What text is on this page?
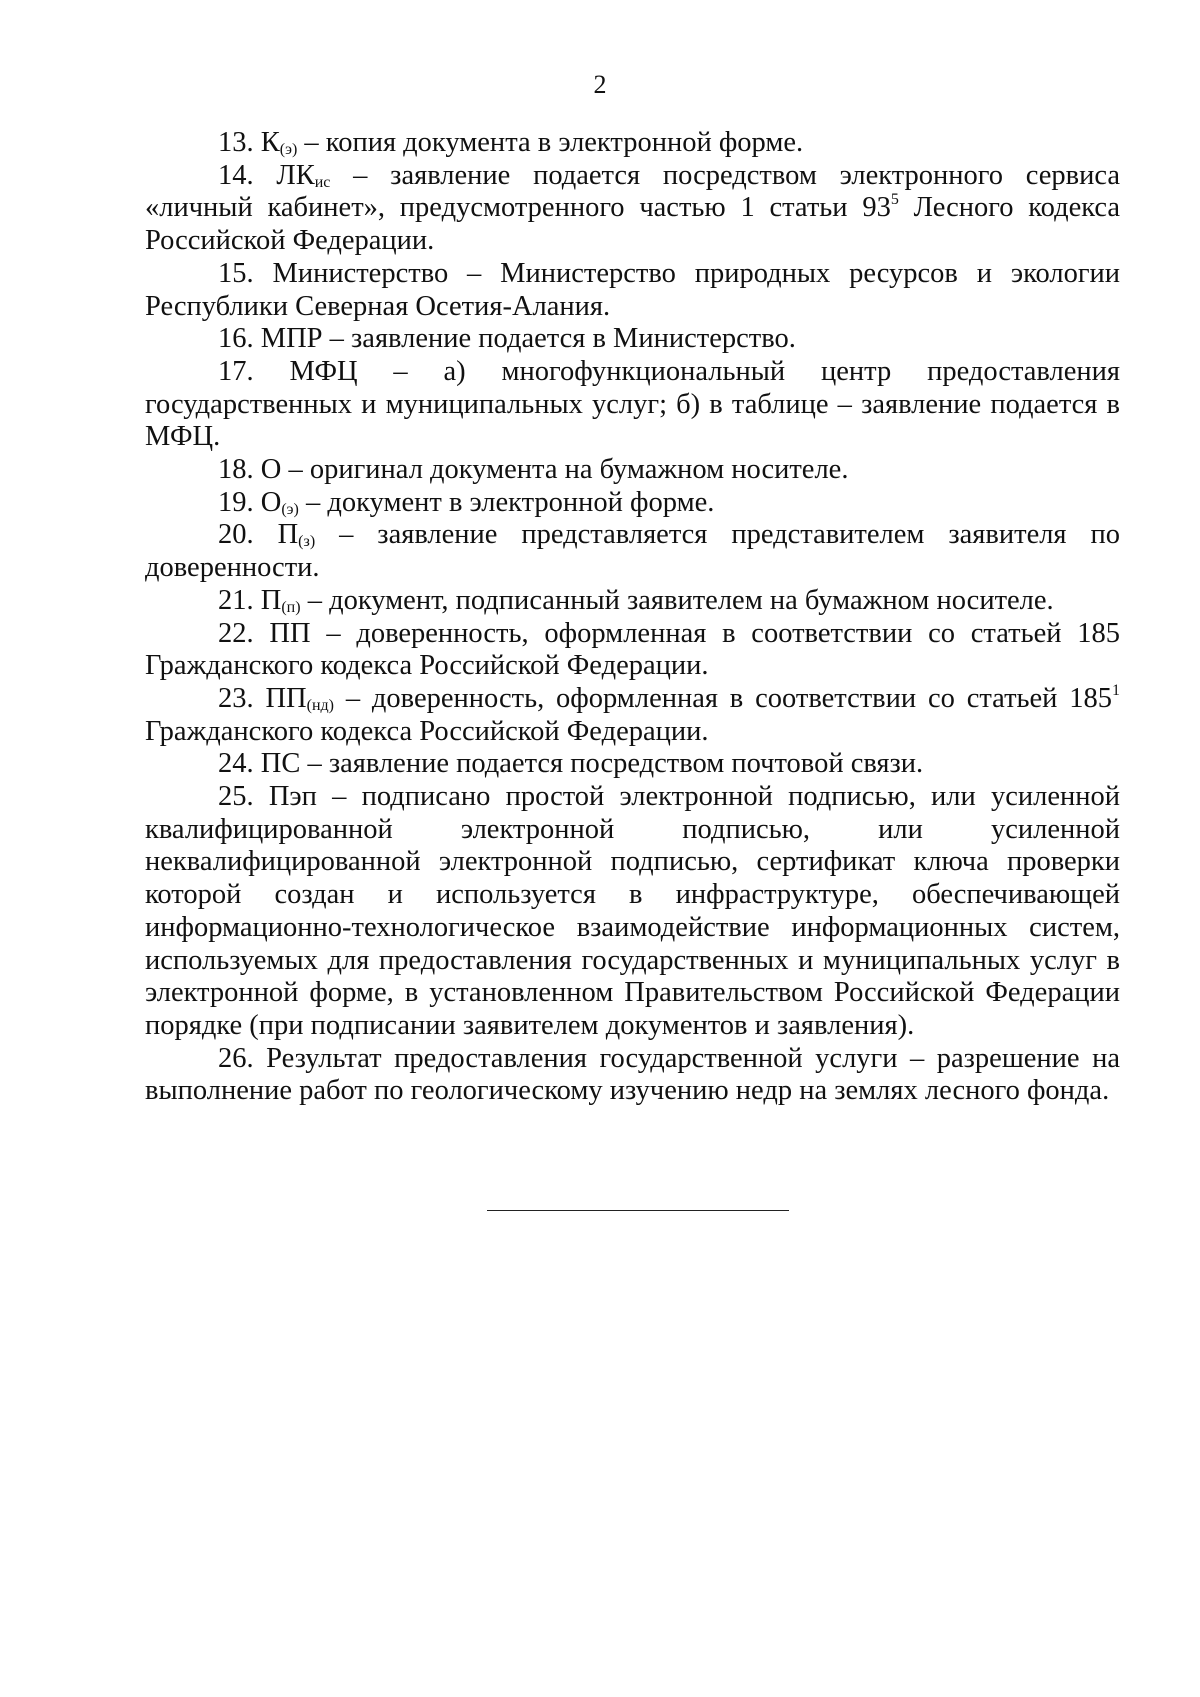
2

13. $К_{(э)}$ – копия документа в электронной форме.

14. $ЛК_{ис}$ – заявление подается посредством электронного сервиса «личный кабинет», предусмотренного частью 1 статьи $93^5$ Лесного кодекса Российской Федерации.

15. Министерство – Министерство природных ресурсов и экологии Республики Северная Осетия-Алания.

16. МПР – заявление подается в Министерство.

17. МФЦ – а) многофункциональный центр предоставления государственных и муниципальных услуг; б) в таблице – заявление подается в МФЦ.

18. О – оригинал документа на бумажном носителе.

19. $О_{(э)}$ – документ в электронной форме.

20. $П_{(з)}$ – заявление представляется представителем заявителя по доверенности.

21. $П_{(п)}$ – документ, подписанный заявителем на бумажном носителе.

22. ПП – доверенность, оформленная в соответствии со статьей 185 Гражданского кодекса Российской Федерации.

23. $ПП_{(нд)}$ – доверенность, оформленная в соответствии со статьей $185^1$ Гражданского кодекса Российской Федерации.

24. ПС – заявление подается посредством почтовой связи.

25. Пэп – подписано простой электронной подписью, или усиленной квалифицированной электронной подписью, или усиленной неквалифицированной электронной подписью, сертификат ключа проверки которой создан и используется в инфраструктуре, обеспечивающей информационно-технологическое взаимодействие информационных систем, используемых для предоставления государственных и муниципальных услуг в электронной форме, в установленном Правительством Российской Федерации порядке (при подписании заявителем документов и заявления).

26. Результат предоставления государственной услуги – разрешение на выполнение работ по геологическому изучению недр на землях лесного фонда.
